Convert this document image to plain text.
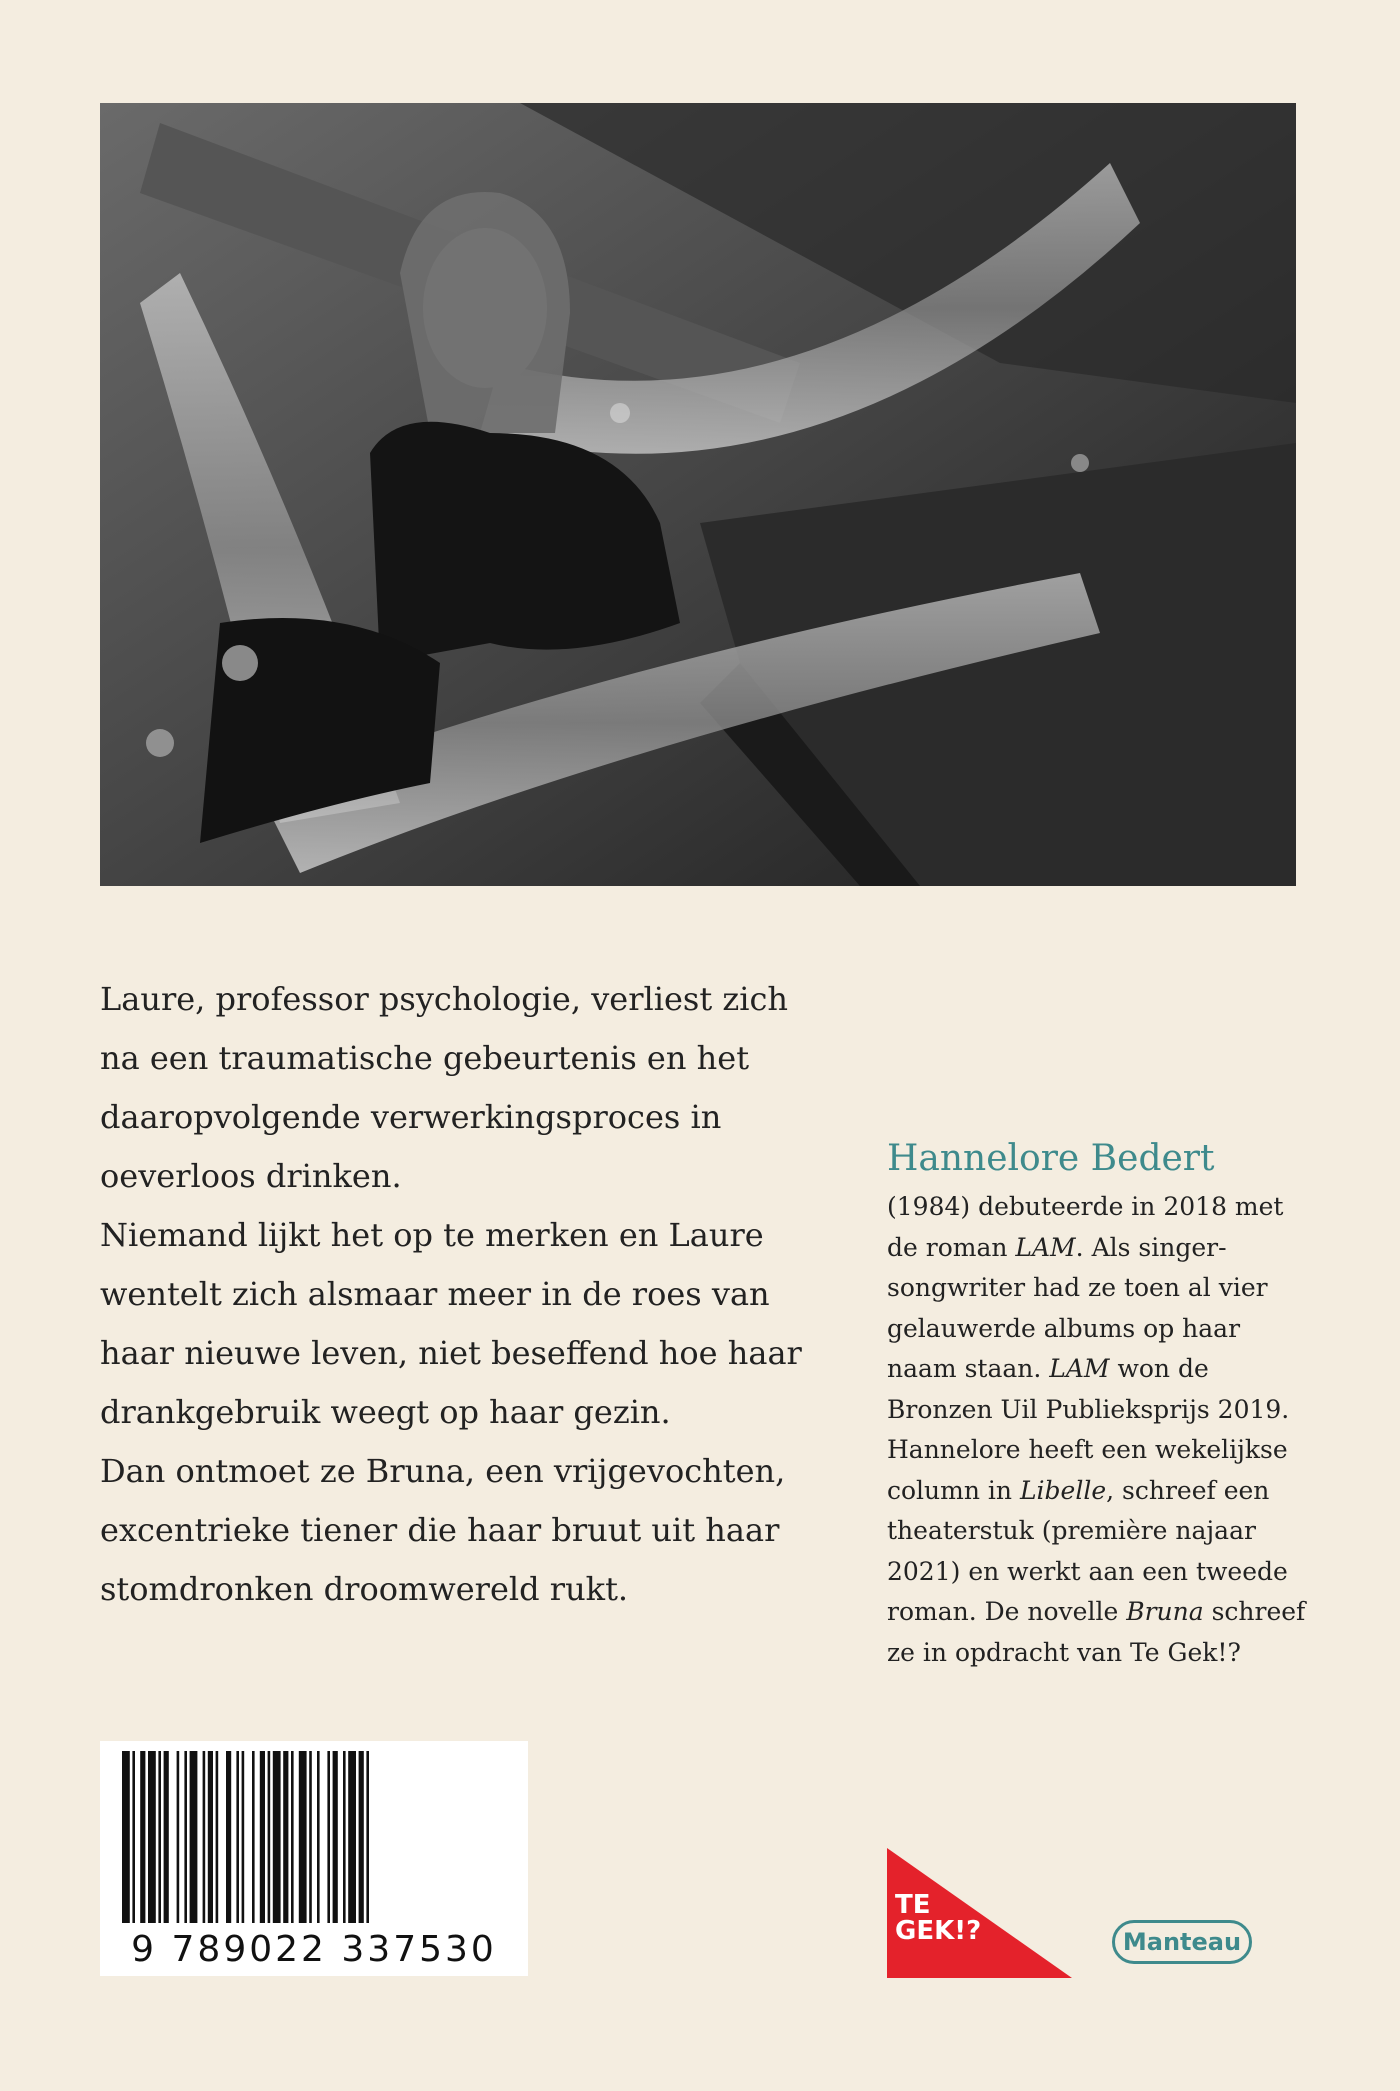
Laure, professor psychologie, verliest zich
na een traumatische gebeurtenis en het
daaropvolgende verwerkingsproces in
oeverloos drinken.

Niemand lijkt het op te merken en Laure
wentelt zich alsmaar meer in de roes van
haar nieuwe leven, niet beseffend hoe haar
drankgebruik weegt op haar gezin.

Dan ontmoet ze Bruna, een vrijgevochten,
excentrieke tiener die haar bruut uit haar
stomdronken droomwereld rukt.

Hannelore Bedert

(1984) debuteerde in 2018 met de roman LAM. Als singer-songwriter had ze toen al vier gelauwerde albums op haar naam staan. LAM won de Bronzen Uil Publieksprijs 2019. Hannelore heeft een wekelijkse column in Libelle, schreef een theaterstuk (première najaar 2021) en werkt aan een tweede roman. De novelle Bruna schreef ze in opdracht van Te Gek!?

9 789022 337530
TE
GEK!?	Manteau
